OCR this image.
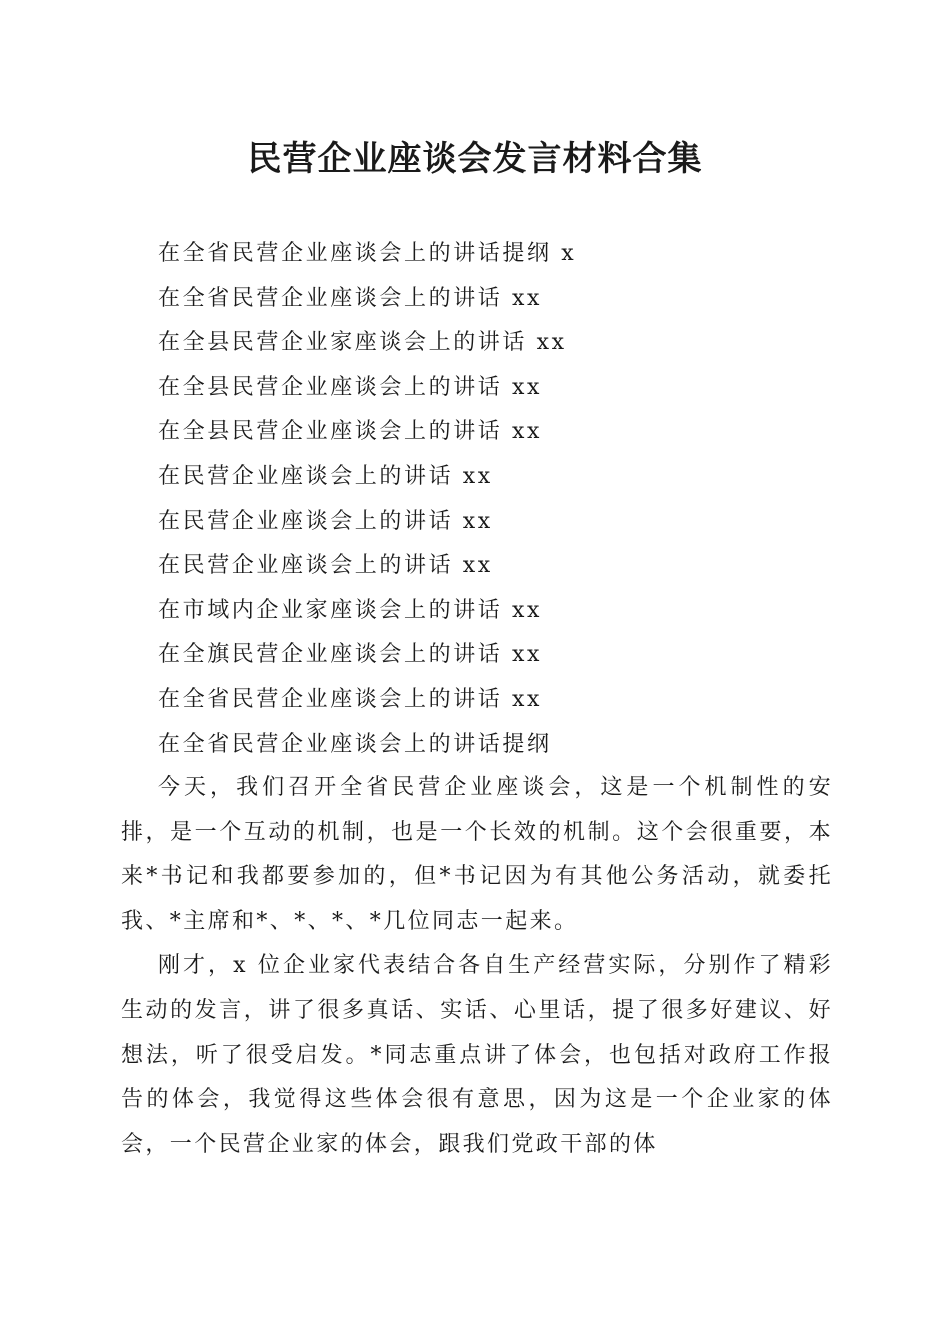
民营企业座谈会发言材料合集
在全省民营企业座谈会上的讲话提纲 x
在全省民营企业座谈会上的讲话 xx
在全县民营企业家座谈会上的讲话 xx
在全县民营企业座谈会上的讲话 xx
在全县民营企业座谈会上的讲话 xx
在民营企业座谈会上的讲话 xx
在民营企业座谈会上的讲话 xx
在民营企业座谈会上的讲话 xx
在市域内企业家座谈会上的讲话 xx
在全旗民营企业座谈会上的讲话 xx
在全省民营企业座谈会上的讲话 xx
在全省民营企业座谈会上的讲话提纲

今天，我们召开全省民营企业座谈会，这是一个机制性的安排，是一个互动的机制，也是一个长效的机制。这个会很重要，本来*书记和我都要参加的，但*书记因为有其他公务活动，就委托我、*主席和*、*、*、*几位同志一起来。

刚才，x 位企业家代表结合各自生产经营实际，分别作了精彩生动的发言，讲了很多真话、实话、心里话，提了很多好建议、好想法，听了很受启发。*同志重点讲了体会，也包括对政府工作报告的体会，我觉得这些体会很有意思，因为这是一个企业家的体会，一个民营企业家的体会，跟我们党政干部的体
